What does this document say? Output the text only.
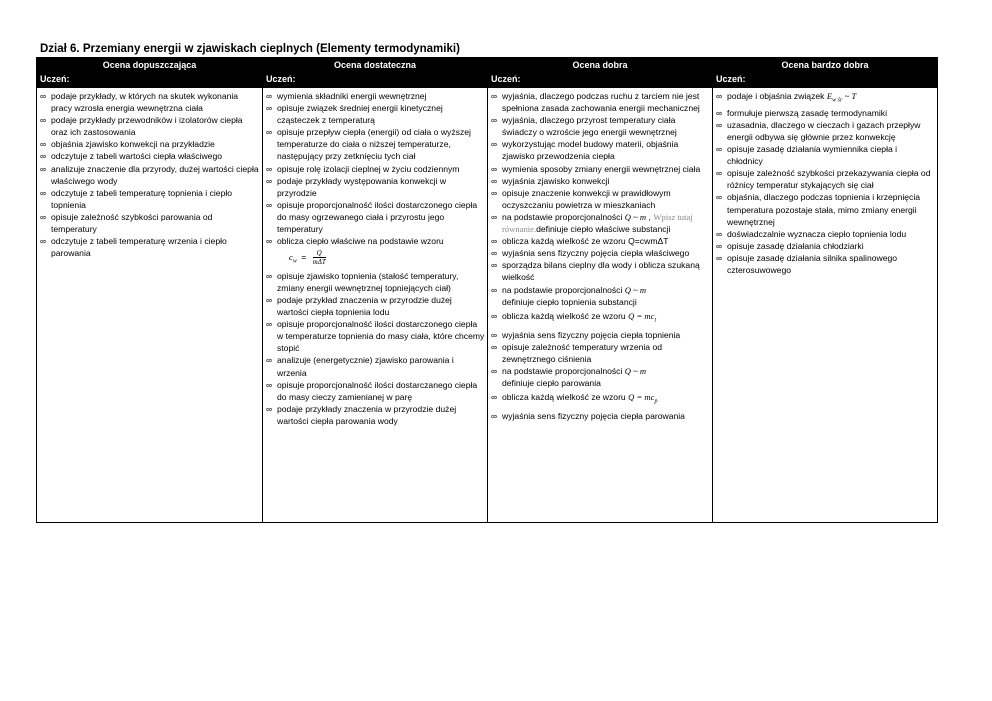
Dział 6. Przemiany energii w zjawiskach cieplnych (Elementy termodynamiki)
Ocena dopuszczająca
Uczeń:
Ocena dostateczna
Uczeń:
Ocena dobra
Uczeń:
Ocena bardzo dobra
Uczeń:
∞ podaje przykłady, w których na skutek wykonania pracy wzrosła energia wewnętrzna ciała
∞ podaje przykłady przewodników i izolatorów ciepła oraz ich zastosowania
∞ objaśnia zjawisko konwekcji na przykładzie
∞ odczytuje z tabeli wartości ciepła właściwego
∞ analizuje znaczenie dla przyrody, dużej wartości ciepła właściwego wody
∞ odczytuje z tabeli temperaturę topnienia i ciepło topnienia
∞ opisuje zależność szybkości parowania od temperatury
∞ odczytuje z tabeli temperaturę wrzenia i ciepło parowania
∞ wymienia składniki energii wewnętrznej
∞ opisuje związek średniej energii kinetycznej cząsteczek z temperaturą
∞ opisuje przepływ ciepła (energii) od ciała o wyższej temperaturze do ciała o niższej temperaturze, następujący przy zetknięciu tych ciał
∞ opisuje rolę izolacji cieplnej w życiu codziennym
∞ podaje przykłady występowania konwekcji w przyrodzie
∞ opisuje proporcjonalność ilości dostarczonego ciepła do masy ogrzewanego ciała i przyrostu jego temperatury
∞ oblicza ciepło właściwe na podstawie wzoru
$c_w = \frac{Q}{\text{mΔT}}$
∞ opisuje zjawisko topnienia (stałość temperatury, zmiany energii wewnętrznej topniejących ciał)
∞ podaje przykład znaczenia w przyrodzie dużej wartości ciepła topnienia lodu
∞ opisuje proporcjonalność ilości dostarczonego ciepła w temperaturze topnienia do masy ciała, które chcemy stopić
∞ analizuje (energetycznie) zjawisko parowania i wrzenia
∞ opisuje proporcjonalność ilości dostarczanego ciepła do masy cieczy zamienianej w parę
∞ podaje przykłady znaczenia w przyrodzie dużej wartości ciepła parowania wody
∞ wyjaśnia, dlaczego podczas ruchu z tarciem nie jest spełniona zasada zachowania energii mechanicznej
∞ wyjaśnia, dlaczego przyrost temperatury ciała świadczy o wzroście jego energii wewnętrznej
∞ wykorzystując model budowy materii, objaśnia zjawisko przewodzenia ciepła
∞ wymienia sposoby zmiany energii wewnętrznej ciała
∞ wyjaśnia zjawisko konwekcji
∞ opisuje znaczenie konwekcji w prawidłowym oczyszczaniu powietrza w mieszkaniach
∞ na podstawie proporcjonalności Q ~ m , Wpisz tutaj równanie.definiuje ciepło właściwe substancji
∞ oblicza każdą wielkość ze wzoru Q=cwmΔT
∞ wyjaśnia sens fizyczny pojęcia ciepła właściwego
∞ sporządza bilans cieplny dla wody i oblicza szukaną wielkość
∞ na podstawie proporcjonalności Q ~ m
definiuje ciepło topnienia substancji
∞ oblicza każdą wielkość ze wzoru $Q = mc_t$
∞ wyjaśnia sens fizyczny pojęcia ciepła topnienia
∞ opisuje zależność temperatury wrzenia od zewnętrznego ciśnienia
∞ na podstawie proporcjonalności Q ~ m
definiuje ciepło parowania
∞ oblicza każdą wielkość ze wzoru $Q = mc_p$
∞ wyjaśnia sens fizyczny pojęcia ciepła parowania
∞ podaje i objaśnia związek $E_{w śr}$ ~ T
∞ formułuje pierwszą zasadę termodynamiki
∞ uzasadnia, dlaczego w cieczach i gazach przepływ energii odbywa się głównie przez konwekcję
∞ opisuje zasadę działania wymiennika ciepła i chłodnicy
∞ opisuje zależność szybkości przekazywania ciepła od różnicy temperatur stykających się ciał
∞ objaśnia, dlaczego podczas topnienia i krzepnięcia temperatura pozostaje stała, mimo zmiany energii wewnętrznej
∞ doświadczalnie wyznacza ciepło topnienia lodu
∞ opisuje zasadę działania chłodziarki
∞ opisuje zasadę działania silnika spalinowego czterosuwowego
